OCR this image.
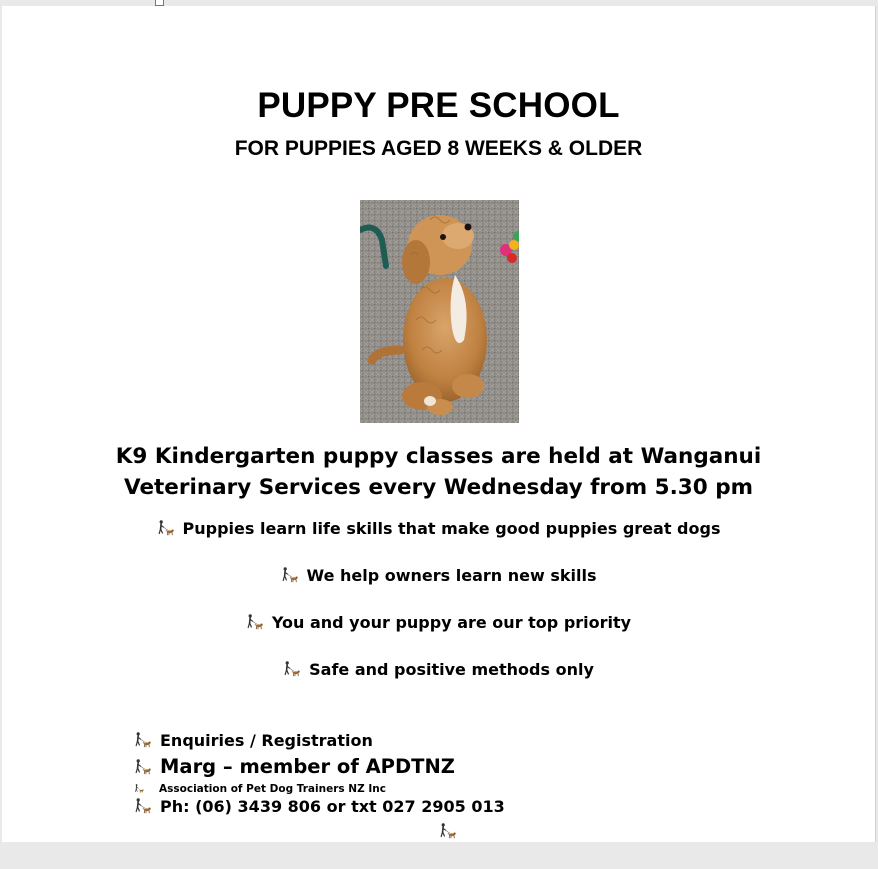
PUPPY PRE SCHOOL
FOR PUPPIES AGED 8 WEEKS & OLDER
K9 Kindergarten puppy classes are held at Wanganui
Veterinary Services every Wednesday from 5.30 pm
Puppies learn life skills that make good puppies great dogs
We help owners learn new skills
You and your puppy are our top priority
Safe and positive methods only
Enquiries / Registration
Marg – member of APDTNZ
Association of Pet Dog Trainers NZ Inc
Ph: (06) 3439 806 or txt 027 2905 013
